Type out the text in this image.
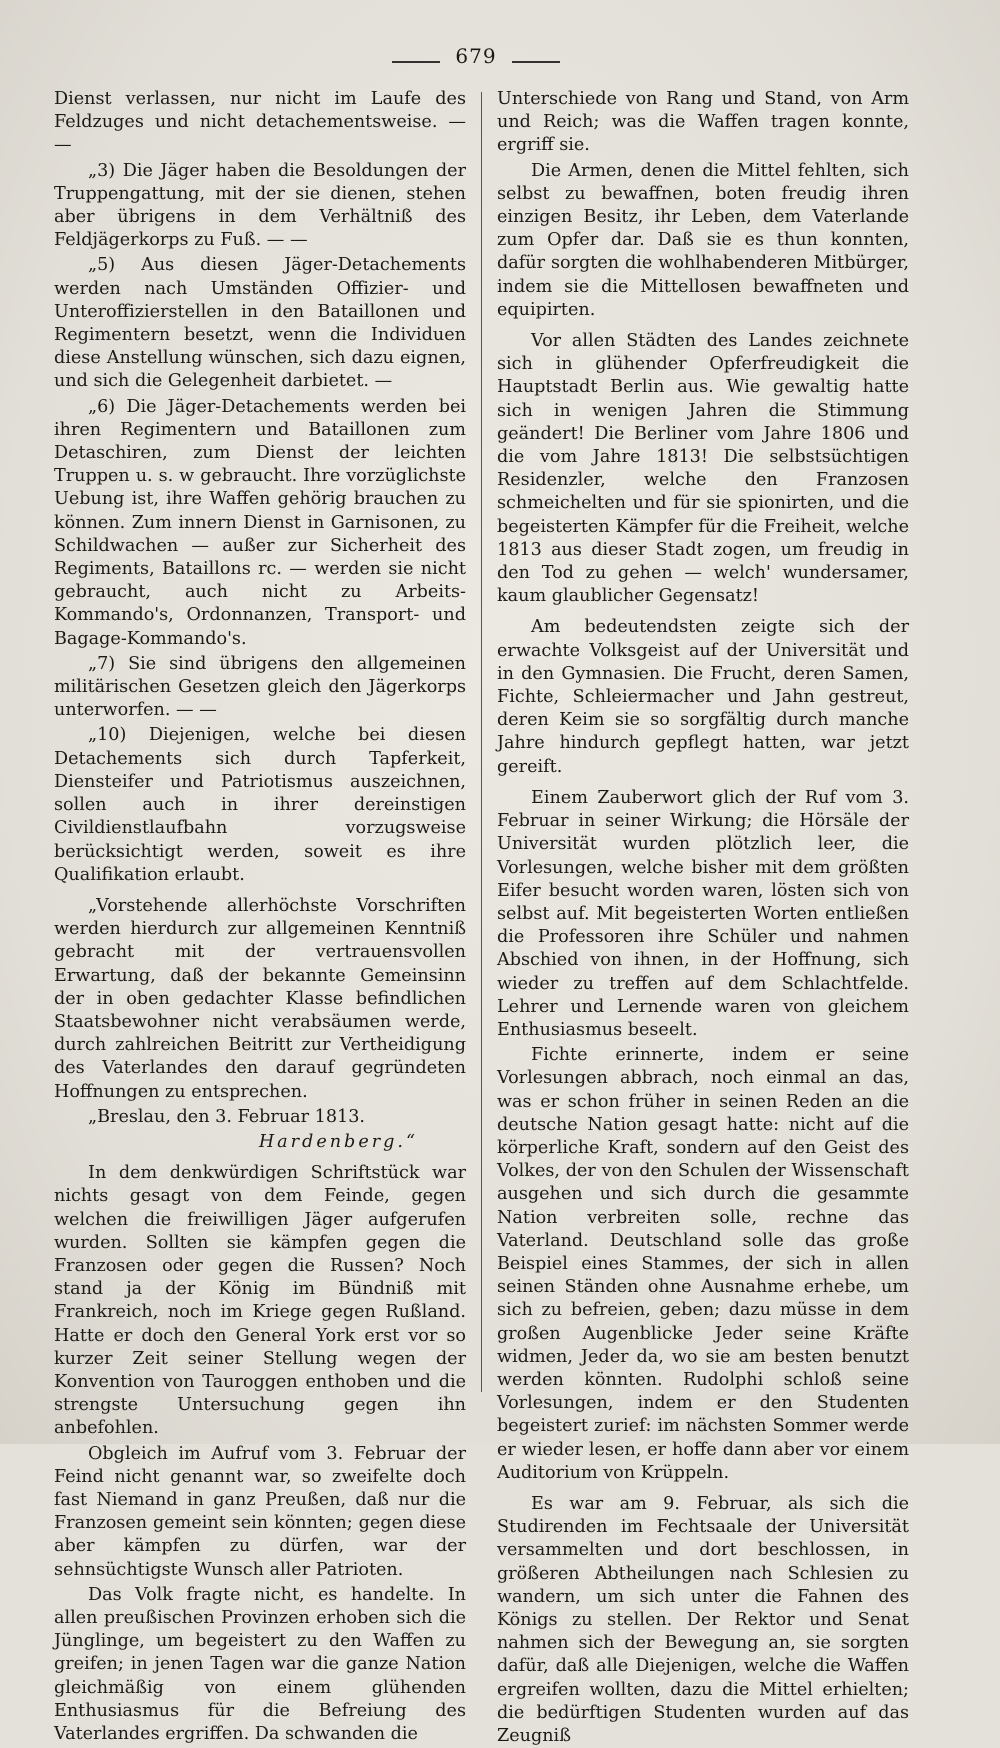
679

Dienst verlassen, nur nicht im Laufe des Feldzuges und nicht detachementsweise. — —

„3) Die Jäger haben die Besoldungen der Truppengattung, mit der sie dienen, stehen aber übrigens in dem Verhältniß des Feldjägerkorps zu Fuß. — —

„5) Aus diesen Jäger-Detachements werden nach Umständen Offizier- und Unteroffizierstellen in den Bataillonen und Regimentern besetzt, wenn die Individuen diese Anstellung wünschen, sich dazu eignen, und sich die Gelegenheit darbietet. —

„6) Die Jäger-Detachements werden bei ihren Regimentern und Bataillonen zum Detaschiren, zum Dienst der leichten Truppen u. s. w gebraucht. Ihre vorzüglichste Uebung ist, ihre Waffen gehörig brauchen zu können. Zum innern Dienst in Garnisonen, zu Schildwachen — außer zur Sicherheit des Regiments, Bataillons rc. — werden sie nicht gebraucht, auch nicht zu Arbeits-Kommando's, Ordonnanzen, Transport- und Bagage-Kommando's.

„7) Sie sind übrigens den allgemeinen militärischen Gesetzen gleich den Jägerkorps unterworfen. — —

„10) Diejenigen, welche bei diesen Detachements sich durch Tapferkeit, Diensteifer und Patriotismus auszeichnen, sollen auch in ihrer dereinstigen Civildienstlaufbahn vorzugsweise berücksichtigt werden, soweit es ihre Qualifikation erlaubt.

„Vorstehende allerhöchste Vorschriften werden hierdurch zur allgemeinen Kenntniß gebracht mit der vertrauensvollen Erwartung, daß der bekannte Gemeinsinn der in oben gedachter Klasse befindlichen Staatsbewohner nicht verabsäumen werde, durch zahlreichen Beitritt zur Vertheidigung des Vaterlandes den darauf gegründeten Hoffnungen zu entsprechen.

„Breslau, den 3. Februar 1813.

Hardenberg.“

In dem denkwürdigen Schriftstück war nichts gesagt von dem Feinde, gegen welchen die freiwilligen Jäger aufgerufen wurden. Sollten sie kämpfen gegen die Franzosen oder gegen die Russen? Noch stand ja der König im Bündniß mit Frankreich, noch im Kriege gegen Rußland. Hatte er doch den General York erst vor so kurzer Zeit seiner Stellung wegen der Konvention von Tauroggen enthoben und die strengste Untersuchung gegen ihn anbefohlen.

Obgleich im Aufruf vom 3. Februar der Feind nicht genannt war, so zweifelte doch fast Niemand in ganz Preußen, daß nur die Franzosen gemeint sein könnten; gegen diese aber kämpfen zu dürfen, war der sehnsüchtigste Wunsch aller Patrioten.

Das Volk fragte nicht, es handelte. In allen preußischen Provinzen erhoben sich die Jünglinge, um begeistert zu den Waffen zu greifen; in jenen Tagen war die ganze Nation gleichmäßig von einem glühenden Enthusiasmus für die Befreiung des Vaterlandes ergriffen. Da schwanden die

Unterschiede von Rang und Stand, von Arm und Reich; was die Waffen tragen konnte, ergriff sie.

Die Armen, denen die Mittel fehlten, sich selbst zu bewaffnen, boten freudig ihren einzigen Besitz, ihr Leben, dem Vaterlande zum Opfer dar. Daß sie es thun konnten, dafür sorgten die wohlhabenderen Mitbürger, indem sie die Mittellosen bewaffneten und equipirten.

Vor allen Städten des Landes zeichnete sich in glühender Opferfreudigkeit die Hauptstadt Berlin aus. Wie gewaltig hatte sich in wenigen Jahren die Stimmung geändert! Die Berliner vom Jahre 1806 und die vom Jahre 1813! Die selbstsüchtigen Residenzler, welche den Franzosen schmeichelten und für sie spionirten, und die begeisterten Kämpfer für die Freiheit, welche 1813 aus dieser Stadt zogen, um freudig in den Tod zu gehen — welch' wundersamer, kaum glaublicher Gegensatz!

Am bedeutendsten zeigte sich der erwachte Volksgeist auf der Universität und in den Gymnasien. Die Frucht, deren Samen, Fichte, Schleiermacher und Jahn gestreut, deren Keim sie so sorgfältig durch manche Jahre hindurch gepflegt hatten, war jetzt gereift.

Einem Zauberwort glich der Ruf vom 3. Februar in seiner Wirkung; die Hörsäle der Universität wurden plötzlich leer, die Vorlesungen, welche bisher mit dem größten Eifer besucht worden waren, lösten sich von selbst auf. Mit begeisterten Worten entließen die Professoren ihre Schüler und nahmen Abschied von ihnen, in der Hoffnung, sich wieder zu treffen auf dem Schlachtfelde. Lehrer und Lernende waren von gleichem Enthusiasmus beseelt.

Fichte erinnerte, indem er seine Vorlesungen abbrach, noch einmal an das, was er schon früher in seinen Reden an die deutsche Nation gesagt hatte: nicht auf die körperliche Kraft, sondern auf den Geist des Volkes, der von den Schulen der Wissenschaft ausgehen und sich durch die gesammte Nation verbreiten solle, rechne das Vaterland. Deutschland solle das große Beispiel eines Stammes, der sich in allen seinen Ständen ohne Ausnahme erhebe, um sich zu befreien, geben; dazu müsse in dem großen Augenblicke Jeder seine Kräfte widmen, Jeder da, wo sie am besten benutzt werden könnten. Rudolphi schloß seine Vorlesungen, indem er den Studenten begeistert zurief: im nächsten Sommer werde er wieder lesen, er hoffe dann aber vor einem Auditorium von Krüppeln.

Es war am 9. Februar, als sich die Studirenden im Fechtsaale der Universität versammelten und dort beschlossen, in größeren Abtheilungen nach Schlesien zu wandern, um sich unter die Fahnen des Königs zu stellen. Der Rektor und Senat nahmen sich der Bewegung an, sie sorgten dafür, daß alle Diejenigen, welche die Waffen ergreifen wollten, dazu die Mittel erhielten; die bedürftigen Studenten wurden auf das Zeugniß
